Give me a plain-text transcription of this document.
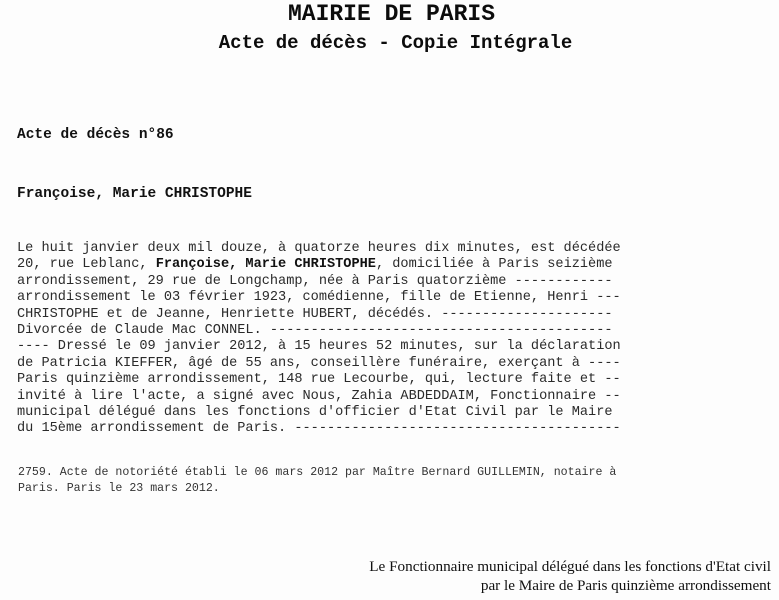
MAIRIE DE PARIS
Acte de décès - Copie Intégrale
Acte de décès n°86
Françoise, Marie CHRISTOPHE
Le huit janvier deux mil douze, à quatorze heures dix minutes, est décédée
20, rue Leblanc, Françoise, Marie CHRISTOPHE, domiciliée à Paris seizième
arrondissement, 29 rue de Longchamp, née à Paris quatorzième ------------
arrondissement le 03 février 1923, comédienne, fille de Etienne, Henri ---
CHRISTOPHE et de Jeanne, Henriette HUBERT, décédés. ---------------------
Divorcée de Claude Mac CONNEL. ------------------------------------------
---- Dressé le 09 janvier 2012, à 15 heures 52 minutes, sur la déclaration
de Patricia KIEFFER, âgé de 55 ans, conseillère funéraire, exerçant à ----
Paris quinzième arrondissement, 148 rue Lecourbe, qui, lecture faite et --
invité à lire l'acte, a signé avec Nous, Zahia ABDEDDAIM, Fonctionnaire --
municipal délégué dans les fonctions d'officier d'Etat Civil par le Maire
du 15ème arrondissement de Paris. ----------------------------------------
2759. Acte de notoriété établi le 06 mars 2012 par Maître Bernard GUILLEMIN, notaire à
Paris. Paris le 23 mars 2012.
Le Fonctionnaire municipal délégué dans les fonctions d'Etat civil
par le Maire de Paris quinzième arrondissement
